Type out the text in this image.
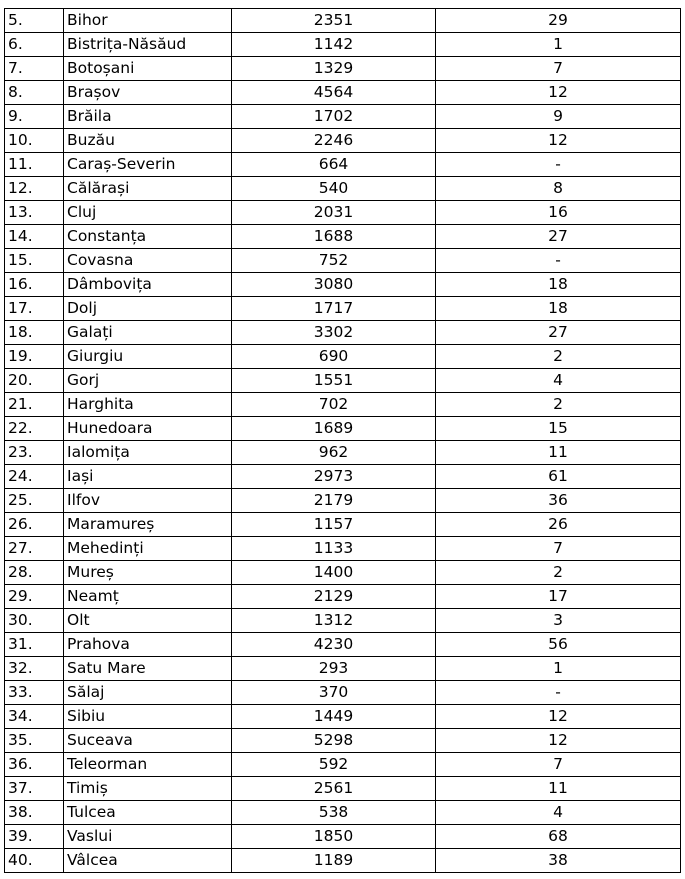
5.	Bihor	2351	29
6.	Bistrița-Năsăud	1142	1
7.	Botoșani	1329	7
8.	Brașov	4564	12
9.	Brăila	1702	9
10.	Buzău	2246	12
11.	Caraș-Severin	664	-
12.	Călărași	540	8
13.	Cluj	2031	16
14.	Constanța	1688	27
15.	Covasna	752	-
16.	Dâmbovița	3080	18
17.	Dolj	1717	18
18.	Galați	3302	27
19.	Giurgiu	690	2
20.	Gorj	1551	4
21.	Harghita	702	2
22.	Hunedoara	1689	15
23.	Ialomița	962	11
24.	Iași	2973	61
25.	Ilfov	2179	36
26.	Maramureș	1157	26
27.	Mehedinți	1133	7
28.	Mureș	1400	2
29.	Neamț	2129	17
30.	Olt	1312	3
31.	Prahova	4230	56
32.	Satu Mare	293	1
33.	Sălaj	370	-
34.	Sibiu	1449	12
35.	Suceava	5298	12
36.	Teleorman	592	7
37.	Timiș	2561	11
38.	Tulcea	538	4
39.	Vaslui	1850	68
40.	Vâlcea	1189	38
